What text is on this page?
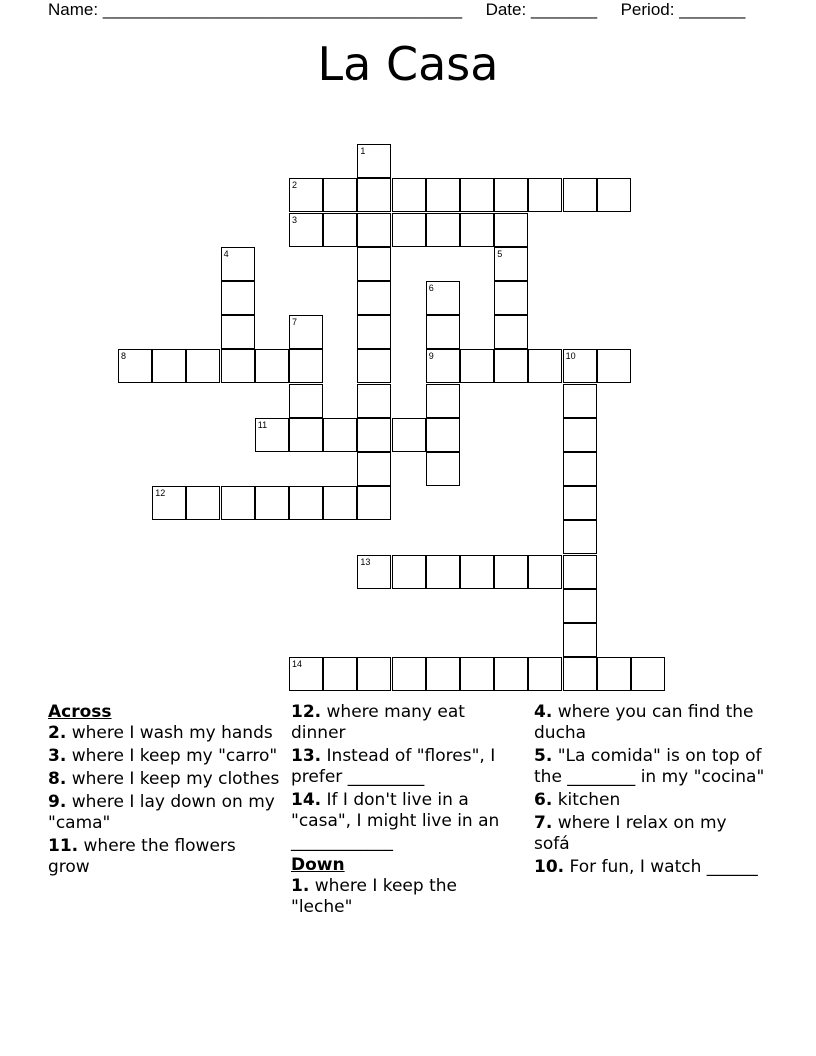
Name: ______________________________________ Date: _______ Period: _______
La Casa
1
2
3
4	5
6
7
8	9	10
11
12
13
14
Across
2. where I wash my hands
3. where I keep my "carro"
8. where I keep my clothes
9. where I lay down on my "cama"
11. where the flowers grow
12. where many eat dinner
13. Instead of "flores", I prefer _________
14. If I don't live in a "casa", I might live in an ____________
Down
1. where I keep the "leche"
4. where you can find the ducha
5. "La comida" is on top of the ________ in my "cocina"
6. kitchen
7. where I relax on my sofá
10. For fun, I watch ______
